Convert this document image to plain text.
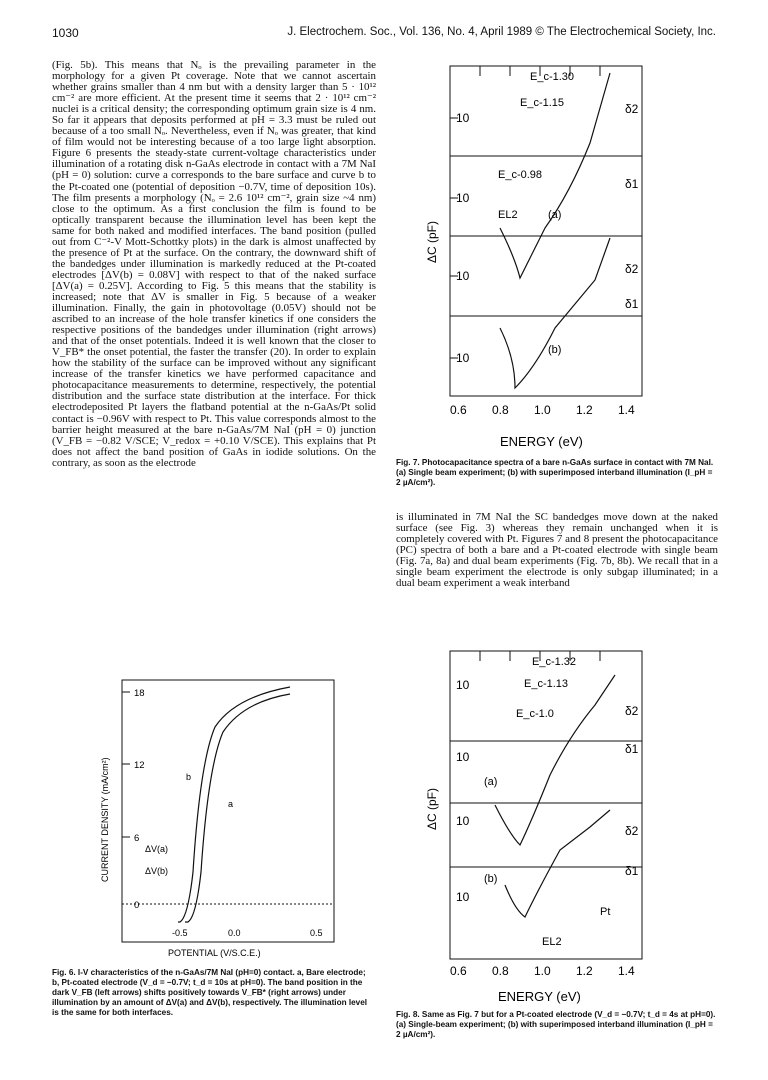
1030	J. Electrochem. Soc., Vol. 136, No. 4, April 1989 © The Electrochemical Society, Inc.

(Fig. 5b). This means that Nₒ is the prevailing parameter in the morphology for a given Pt coverage. Note that we cannot ascertain whether grains smaller than 4 nm but with a density larger than 5 · 10¹² cm⁻² are more efficient. At the present time it seems that 2 · 10¹² cm⁻² nuclei is a critical density; the corresponding optimum grain size is 4 nm. So far it appears that deposits performed at pH = 3.3 must be ruled out because of a too small Nₒ. Nevertheless, even if Nₒ was greater, that kind of film would not be interesting because of a too large light absorption. Figure 6 presents the steady-state current-voltage characteristics under illumination of a rotating disk n-GaAs electrode in contact with a 7M NaI (pH = 0) solution: curve a corresponds to the bare surface and curve b to the Pt-coated one (potential of deposition −0.7V, time of deposition 10s). The film presents a morphology (Nₒ = 2.6 10¹² cm⁻², grain size ~4 nm) close to the optimum. As a first conclusion the film is found to be optically transparent because the illumination level has been kept the same for both naked and modified interfaces. The band position (pulled out from C⁻²-V Mott-Schottky plots) in the dark is almost unaffected by the presence of Pt at the surface. On the contrary, the downward shift of the bandedges under illumination is markedly reduced at the Pt-coated electrodes [ΔV(b) = 0.08V] with respect to that of the naked surface [ΔV(a) = 0.25V]. According to Fig. 5 this means that the stability is increased; note that ΔV is smaller in Fig. 5 because of a weaker illumination. Finally, the gain in photovoltage (0.05V) should not be ascribed to an increase of the hole transfer kinetics if one considers the respective positions of the bandedges under illumination (right arrows) and that of the onset potentials. Indeed it is well known that the closer to V_FB* the onset potential, the faster the transfer (20). In order to explain how the stability of the surface can be improved without any significant increase of the transfer kinetics we have performed capacitance and photocapacitance measurements to determine, respectively, the potential distribution and the surface state distribution at the interface. For thick electrodeposited Pt layers the flatband potential at the n-GaAs/Pt solid contact is −0.96V with respect to Pt. This value corresponds almost to the barrier height measured at the bare n-GaAs/7M NaI (pH = 0) junction (V_FB = −0.82 V/SCE; V_redox = +0.10 V/SCE). This explains that Pt does not affect the band position of GaAs in iodide solutions. On the contrary, as soon as the electrode

is illuminated in 7M NaI the SC bandedges move down at the naked surface (see Fig. 3) whereas they remain unchanged when it is completely covered with Pt. Figures 7 and 8 present the photocapacitance (PC) spectra of both a bare and a Pt-coated electrode with single beam (Fig. 7a, 8a) and dual beam experiments (Fig. 7b, 8b). We recall that in a single beam experiment the electrode is only subgap illuminated; in a dual beam experiment a weak interband

10
10
10
10
ΔC (pF)
E_c-1.30
E_c-1.15
E_c-0.98
EL2	(a)
(b)
δ2
δ1
δ2
δ1
0.6 0.8 1.0 1.2 1.4
ENERGY (eV)

Fig. 7. Photocapacitance spectra of a bare n-GaAs surface in contact with 7M NaI. (a) Single beam experiment; (b) with superimposed interband illumination (I_pH = 2 µA/cm²).

18
12
6
0
CURRENT DENSITY (mA/cm²)	b
a
ΔV(a)
ΔV(b)
-0.5	0.0	0.5
POTENTIAL (V/S.C.E.)

Fig. 6. I-V characteristics of the n-GaAs/7M NaI (pH=0) contact. a, Bare electrode; b, Pt-coated electrode (V_d = −0.7V; t_d = 10s at pH=0). The band position in the dark V_FB (left arrows) shifts positively towards V_FB* (right arrows) under illumination by an amount of ΔV(a) and ΔV(b), respectively. The illumination level is the same for both interfaces.

10
10
10
10
ΔC (pF)
E_c-1.32
E_c-1.13
E_c-1.0
(a)
(b)
Pt
EL2
δ2
δ1
δ2
δ1
0.6 0.8 1.0 1.2 1.4
ENERGY (eV)

Fig. 8. Same as Fig. 7 but for a Pt-coated electrode (V_d = −0.7V; t_d = 4s at pH=0). (a) Single-beam experiment; (b) with superimposed interband illumination (I_pH = 2 µA/cm²).
